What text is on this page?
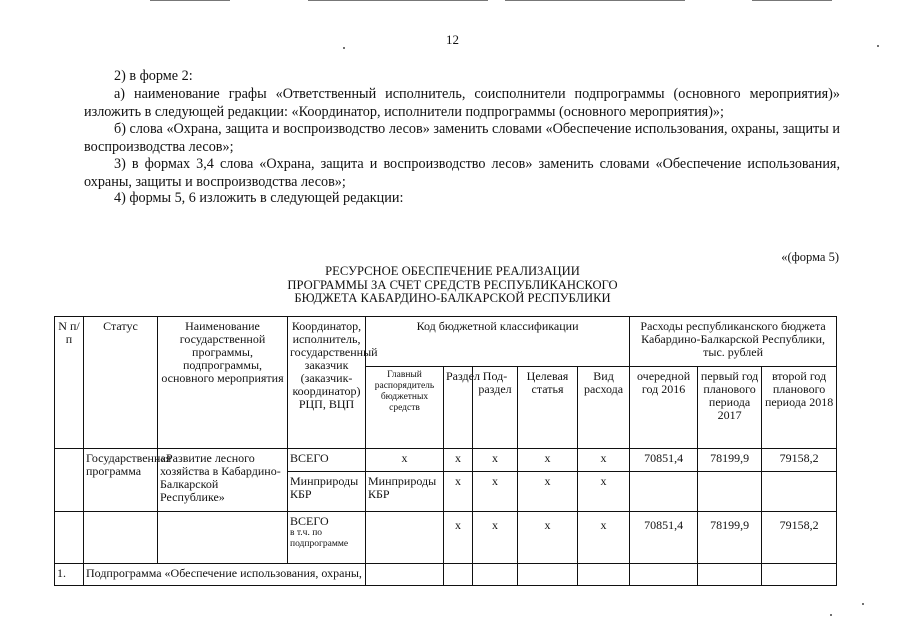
12

2) в форме 2:

а) наименование графы «Ответственный исполнитель, соисполнители подпрограммы (основного мероприятия)» изложить в следующей редакции: «Координатор, исполнители подпрограммы (основного мероприятия)»;

б) слова «Охрана, защита и воспроизводство лесов» заменить словами «Обеспечение использования, охраны, защиты и воспроизводства лесов»;

3) в формах 3,4 слова «Охрана, защита и воспроизводство лесов» заменить словами «Обеспечение использования, охраны, защиты и воспроизводства лесов»;

4) формы 5, 6 изложить в следующей редакции:

«(форма 5)
РЕСУРСНОЕ ОБЕСПЕЧЕНИЕ РЕАЛИЗАЦИИ
ПРОГРАММЫ ЗА СЧЕТ СРЕДСТВ РЕСПУБЛИКАНСКОГО
БЮДЖЕТА КАБАРДИНО-БАЛКАРСКОЙ РЕСПУБЛИКИ
N п/п	Статус	Наименование государственной программы, подпрограммы, основного мероприятия	Координатор, исполнитель, государственный заказчик (заказчик-координатор) РЦП, ВЦП	Код бюджетной классификации					Расходы республиканского бюджета Кабардино-Балкарской Республики, тыс. рублей		
				Главный распорядитель бюджетных средств	Раздел	Под-раздел	Целевая статья	Вид расхода	очередной год 2016	первый год планового периода 2017	второй год планового периода 2018
	Государственная программа	«Развитие лесного хозяйства в Кабардино-Балкарской Республике»	ВСЕГО	x	x	x	x	x	70851,4	78199,9	79158,2
			Минприроды КБР	Минприроды КБР	x	x	x	x			

			ВСЕГО
в т.ч. по подпрограмме		x	x	x	x	70851,4	78199,9	79158,2
1.	Подпрограмма «Обеспечение использования, охраны,										
